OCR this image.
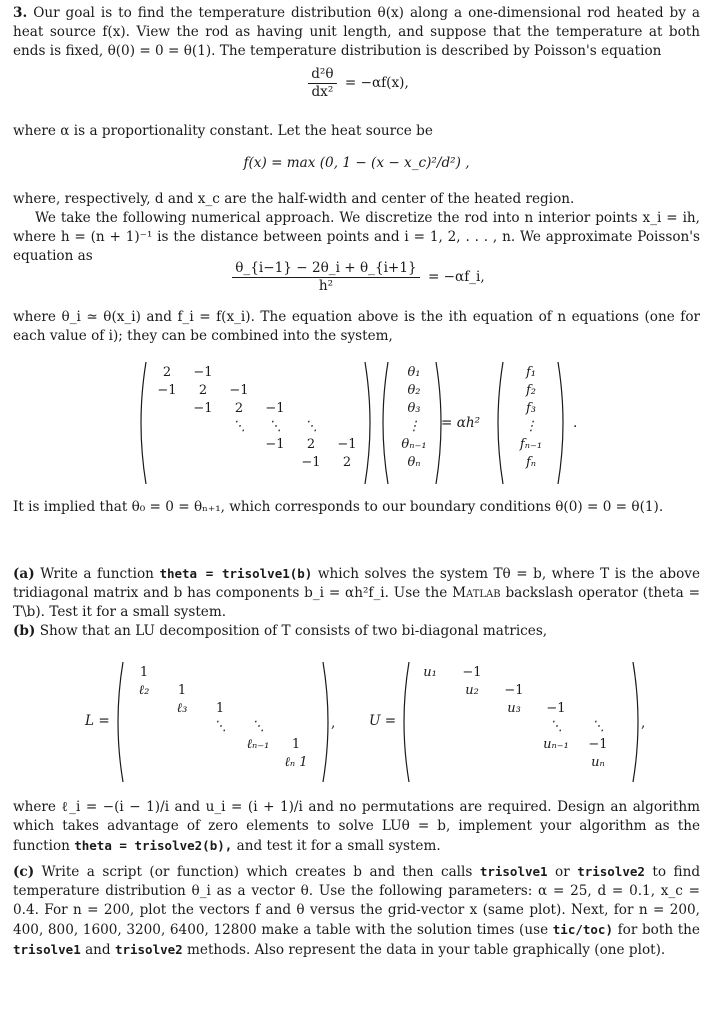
3. Our goal is to find the temperature distribution θ(x) along a one-dimensional rod heated by a heat source f(x). View the rod as having unit length, and suppose that the temperature at both ends is fixed, θ(0) = 0 = θ(1). The temperature distribution is described by Poisson's equation

$\frac{\text{d²θ}}{\text{dx²}} = -\alpha f(x)$,

where α is a proportionality constant. Let the heat source be

f(x) = max (0, 1 − (x − x_c)²/d²) ,

where, respectively, d and x_c are the half-width and center of the heated region.

We take the following numerical approach. We discretize the rod into n interior points x_i = ih, where h = (n + 1)⁻¹ is the distance between points and i = 1, 2, . . . , n. We approximate Poisson's equation as

$\frac{\theta\_\{i-1\} - 2\theta\_i + \theta\_\{i+1\}}{\text{h²}}$ = −αf_i,

where θ_i ≃ θ(x_i) and f_i = f(x_i). The equation above is the ith equation of n equations (one for each value of i); they can be combined into the system,

2	−1				
−1	2	−1			
	−1	2	−1		
		⋱	⋱	⋱	
			−1	2	−1
				−1	2
θ₁
θ₂
θ₃
⋮
θₙ₋₁
θₙ
= αh²
f₁
f₂
f₃
⋮
fₙ₋₁
fₙ
.

It is implied that θ₀ = 0 = θₙ₊₁, which corresponds to our boundary conditions θ(0) = 0 = θ(1).

(a) Write a function theta = trisolve1(b) which solves the system Tθ = b, where T is the above tridiagonal matrix and b has components b_i = αh²f_i. Use the Matlab backslash operator (theta = T\b). Test it for a small system.

(b) Show that an LU decomposition of T consists of two bi-diagonal matrices,

L =
1				
ℓ₂	1			
	ℓ₃	1		
		⋱	⋱	
			ℓₙ₋₁	1
				ℓₙ 1
, U =
u₁	−1			
	u₂	−1		
		u₃	−1	
			⋱	⋱
			uₙ₋₁	−1
				uₙ
,

where ℓ_i = −(i − 1)/i and u_i = (i + 1)/i and no permutations are required. Design an algorithm which takes advantage of zero elements to solve LUθ = b, implement your algorithm as the function theta = trisolve2(b), and test it for a small system.

(c) Write a script (or function) which creates b and then calls trisolve1 or trisolve2 to find temperature distribution θ_i as a vector θ. Use the following parameters: α = 25, d = 0.1, x_c = 0.4. For n = 200, plot the vectors f and θ versus the grid-vector x (same plot). Next, for n = 200, 400, 800, 1600, 3200, 6400, 12800 make a table with the solution times (use tic/toc) for both the trisolve1 and trisolve2 methods. Also represent the data in your table graphically (one plot).
